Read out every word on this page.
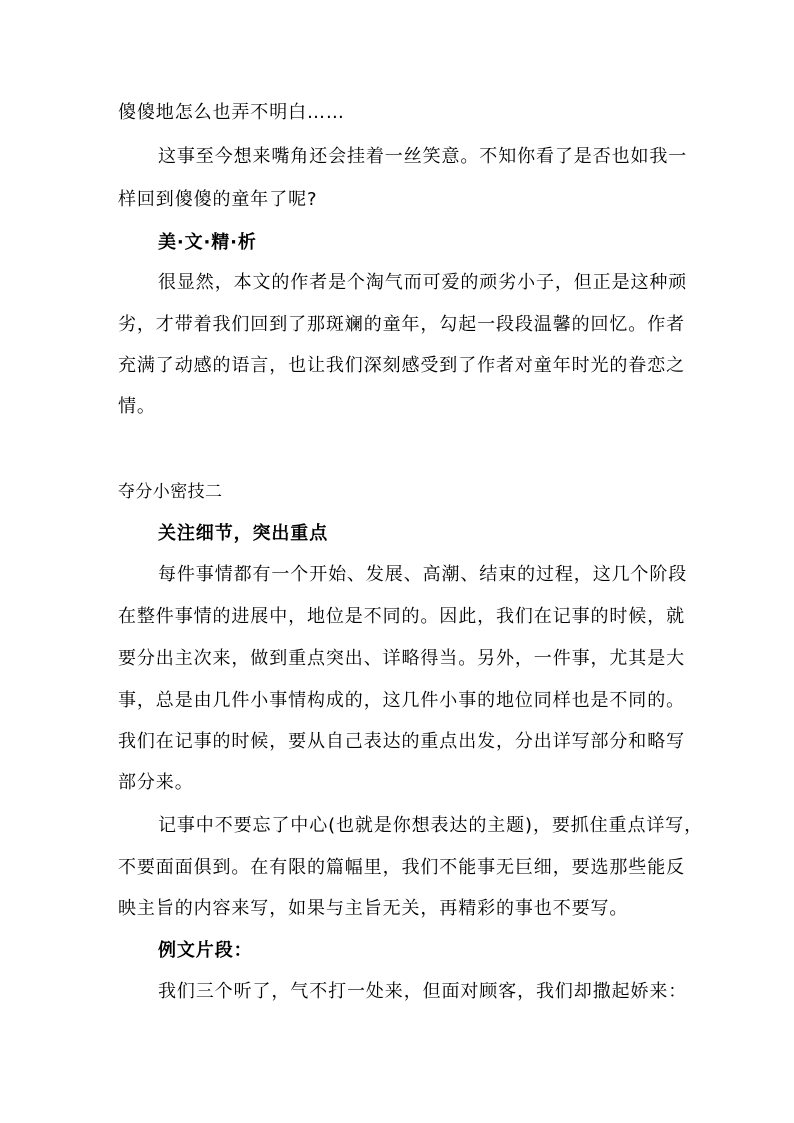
傻傻地怎么也弄不明白……
这事至今想来嘴角还会挂着一丝笑意。不知你看了是否也如我一
样回到傻傻的童年了呢?
美·文·精·析
很显然，本文的作者是个淘气而可爱的顽劣小子，但正是这种顽
劣，才带着我们回到了那斑斓的童年，勾起一段段温馨的回忆。作者
充满了动感的语言，也让我们深刻感受到了作者对童年时光的眷恋之
情。
夺分小密技二
关注细节，突出重点
每件事情都有一个开始、发展、高潮、结束的过程，这几个阶段
在整件事情的进展中，地位是不同的。因此，我们在记事的时候，就
要分出主次来，做到重点突出、详略得当。另外，一件事，尤其是大
事，总是由几件小事情构成的，这几件小事的地位同样也是不同的。
我们在记事的时候，要从自己表达的重点出发，分出详写部分和略写
部分来。
记事中不要忘了中心(也就是你想表达的主题)，要抓住重点详写，
不要面面俱到。在有限的篇幅里，我们不能事无巨细，要选那些能反
映主旨的内容来写，如果与主旨无关，再精彩的事也不要写。
例文片段：
我们三个听了，气不打一处来，但面对顾客，我们却撒起娇来：
